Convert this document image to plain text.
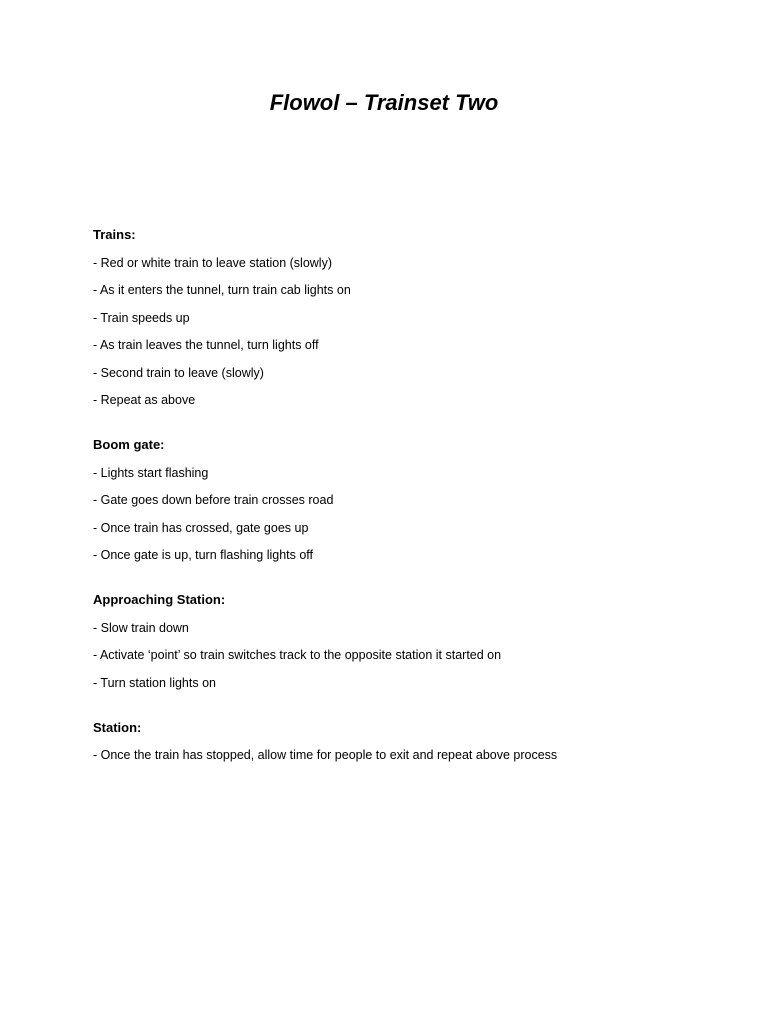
Flowol – Trainset Two
Trains:
- Red or white train to leave station (slowly)
- As it enters the tunnel, turn train cab lights on
- Train speeds up
- As train leaves the tunnel, turn lights off
- Second train to leave (slowly)
- Repeat as above
Boom gate:
- Lights start flashing
- Gate goes down before train crosses road
- Once train has crossed, gate goes up
- Once gate is up, turn flashing lights off
Approaching Station:
- Slow train down
- Activate ‘point’ so train switches track to the opposite station it started on
- Turn station lights on
Station:
- Once the train has stopped, allow time for people to exit and repeat above process
